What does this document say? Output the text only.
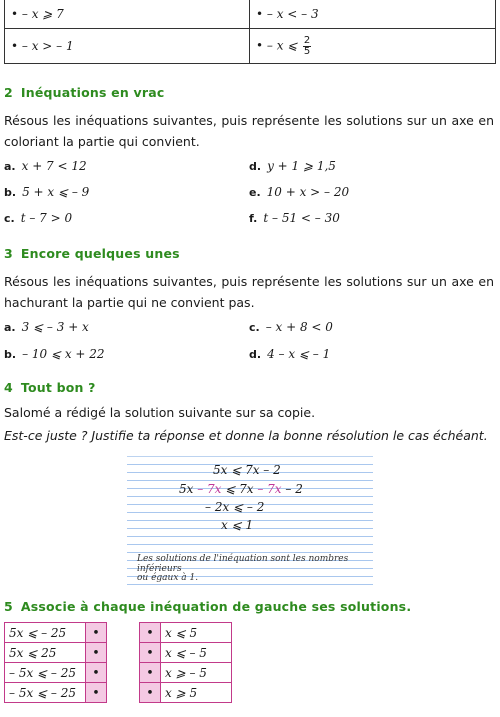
• – x ⩾ 7	• – x < – 3
• – x > – 1	• – x ⩽ $\frac{2}{5}$
2 Inéquations en vrac
Résous les inéquations suivantes, puis représente les solutions sur un axe en coloriant la partie qui convient.
a. x + 7 < 12	d. y + 1 ⩾ 1,5
b. 5 + x ⩽ – 9	e. 10 + x > – 20
c. t – 7 > 0	f. t – 51 < – 30
3 Encore quelques unes
Résous les inéquations suivantes, puis représente les solutions sur un axe en hachurant la partie qui ne convient pas.
a. 3 ⩽ – 3 + x	c. – x + 8 < 0
b. – 10 ⩽ x + 22	d. 4 – x ⩽ – 1
4 Tout bon ?
Salomé a rédigé la solution suivante sur sa copie.
Est-ce juste ? Justifie ta réponse et donne la bonne résolution le cas échéant.
5x ⩽ 7x – 2
5x – 7x ⩽ 7x – 7x – 2
– 2x ⩽ – 2
x ⩽ 1
Les solutions de l'inéquation sont les nombres inférieurs
ou égaux à 1.
5 Associe à chaque inéquation de gauche ses solutions.
5x ⩽ – 25	•
5x ⩽ 25	•
– 5x ⩽ – 25	•
– 5x ⩽ – 25	•
•	x ⩽ 5
•	x ⩽ – 5
•	x ⩾ – 5
•	x ⩾ 5
